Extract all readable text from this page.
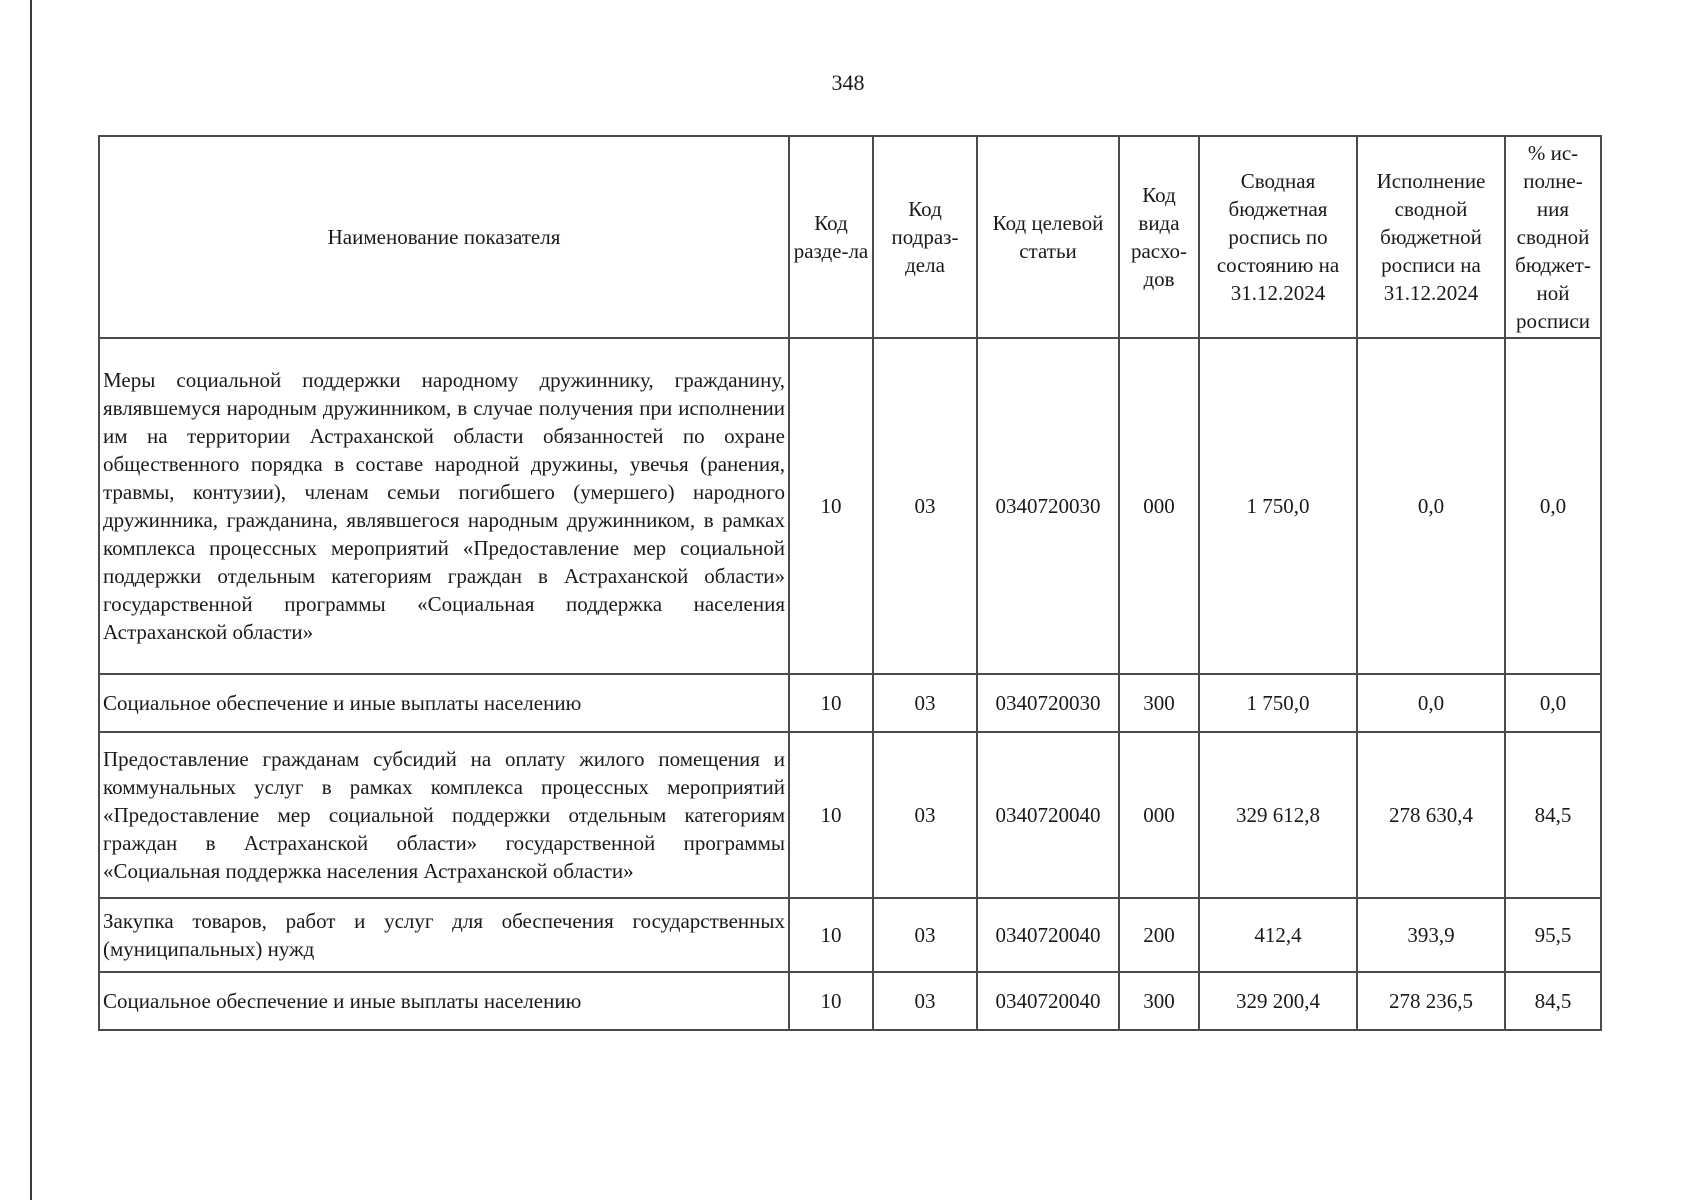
348
Наименование показателя	Код разде-ла	Код подраз-дела	Код целевой статьи	Код вида расхо-дов	Сводная бюджетная роспись по состоянию на 31.12.2024	Исполнение сводной бюджетной росписи на 31.12.2024	% ис-полне-ния сводной бюджет-ной росписи
Меры социальной поддержки народному дружиннику, гражданину, являвшемуся народным дружинником, в случае получения при исполнении им на территории Астраханской области обязанностей по охране общественного порядка в составе народной дружины, увечья (ранения, травмы, контузии), членам семьи погибшего (умершего) народного дружинника, гражданина, являвшегося народным дружинником, в рамках комплекса процессных мероприятий «Предоставление мер социальной поддержки отдельным категориям граждан в Астраханской области» государственной программы «Социальная поддержка населения Астраханской области»	10	03	0340720030	000	1 750,0	0,0	0,0
Социальное обеспечение и иные выплаты населению	10	03	0340720030	300	1 750,0	0,0	0,0
Предоставление гражданам субсидий на оплату жилого помещения и коммунальных услуг в рамках комплекса процессных мероприятий «Предоставление мер социальной поддержки отдельным категориям граждан в Астраханской области» государственной программы «Социальная поддержка населения Астраханской области»	10	03	0340720040	000	329 612,8	278 630,4	84,5
Закупка товаров, работ и услуг для обеспечения государственных (муниципальных) нужд	10	03	0340720040	200	412,4	393,9	95,5
Социальное обеспечение и иные выплаты населению	10	03	0340720040	300	329 200,4	278 236,5	84,5
